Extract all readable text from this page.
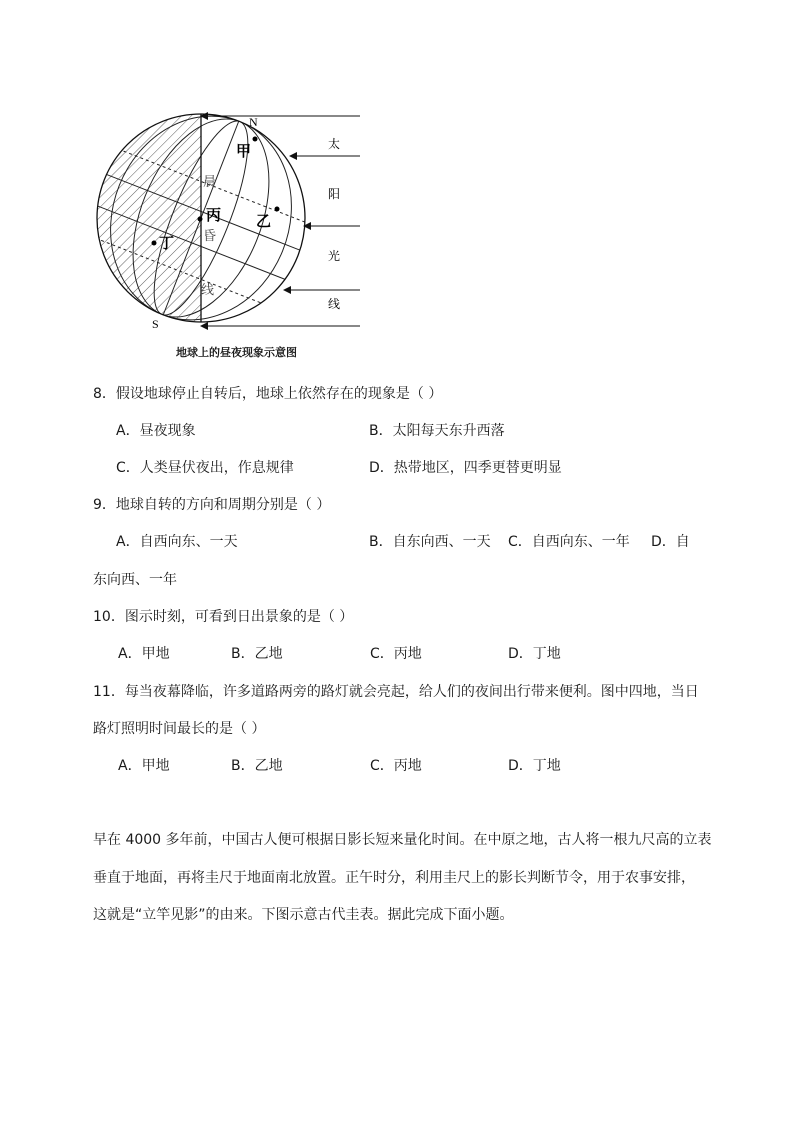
N
S
甲
乙
丙
丁
晨
昏
线
太
阳
光
线
地球上的昼夜现象示意图
8．假设地球停止自转后，地球上依然存在的现象是（ ）
A．昼夜现象	B．太阳每天东升西落
C．人类昼伏夜出，作息规律	D．热带地区，四季更替更明显
9．地球自转的方向和周期分别是（ ）
A．自西向东、一天	B．自东向西、一天 C．自西向东、一年 D．自
东向西、一年
10．图示时刻，可看到日出景象的是（ ）
A．甲地	B．乙地	C．丙地	D．丁地
11．每当夜幕降临，许多道路两旁的路灯就会亮起，给人们的夜间出行带来便利。图中四地，当日
路灯照明时间最长的是（ ）
A．甲地	B．乙地	C．丙地	D．丁地
早在 4000 多年前，中国古人便可根据日影长短来量化时间。在中原之地，古人将一根九尺高的立表
垂直于地面，再将圭尺于地面南北放置。正午时分，利用圭尺上的影长判断节令，用于农事安排，
这就是“立竿见影”的由来。下图示意古代圭表。据此完成下面小题。
